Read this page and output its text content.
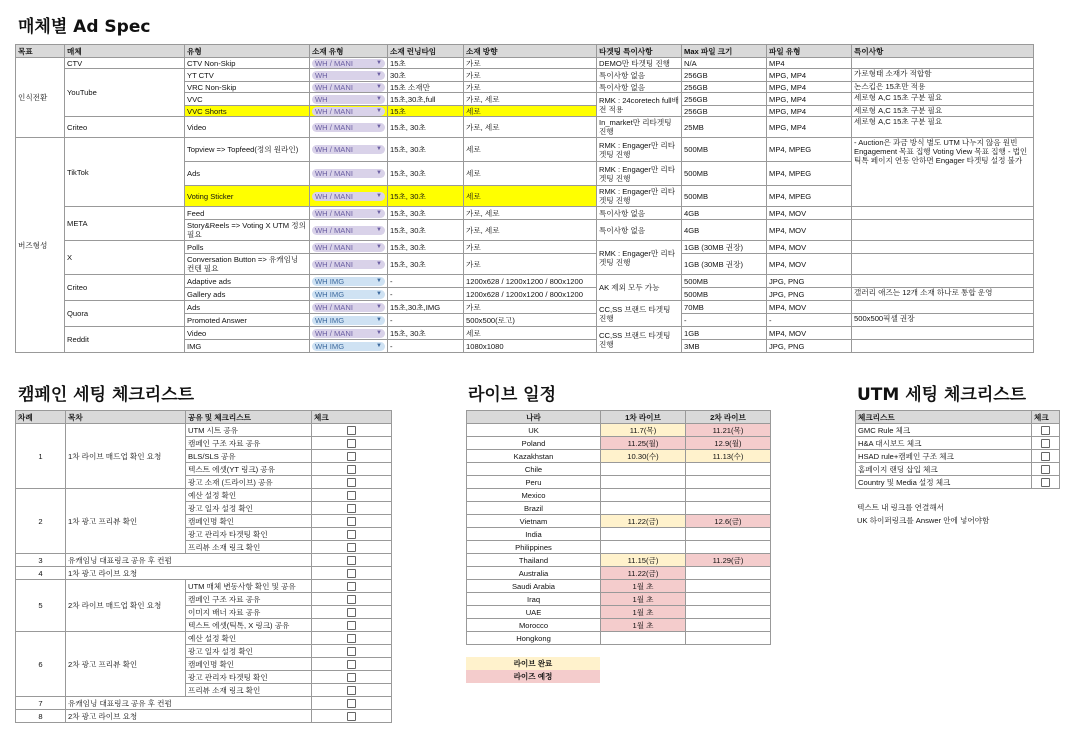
매체별 Ad Spec
목표	매체	유형	소재 유형	소재 런닝타임	소재 방향	타겟팅 특이사항	Max 파일 크기	파일 유형	특이사항
인식전환	CTV	CTV Non-Skip	WH / MANI ▼	15초	가로	DEMO만 타겟팅 진행	N/A	MP4	
	YouTube	YT CTV	WH ▼	30초	가로	특이사항 없음	256GB	MPG, MP4	가로형태 소재가 적합함
		VRC Non-Skip	WH / MANI ▼	15초 소재만	가로	특이사항 없음	256GB	MPG, MP4	논스킵은 15초만 적용
		VVC	WH ▼	15초,30초,full	가로, 세로	RMK : 24coretech full배전 적용	256GB	MPG, MP4	세로형 A,C 15초 구분 필요
		VVC Shorts	WH / MANI ▼	15초	세로		256GB	MPG, MP4	세로형 A,C 15초 구분 필요
	Criteo	Video	WH / MANI ▼	15초, 30초	가로, 세로	In_market만 리타겟팅 진행	25MB	MPG, MP4	세로형 A,C 15초 구분 필요
버즈형성	TikTok	Topview => Topfeed(정의 원라인)	WH / MANI ▼	15초, 30초	세로	RMK : Engager만 리타겟팅 진행	500MB	MP4, MPEG	- Auction은 과금 방식 별도 UTM 나누지 않음 원빈 Engagement 목표 집행 Voting View 목표 집행 - 법인 틱톡 페이지 연동 안하면 Engager 타겟팅 설정 불가
		Ads	WH / MANI ▼	15초, 30초	세로	RMK : Engager만 리타겟팅 진행	500MB	MP4, MPEG	
		Voting Sticker	WH / MANI ▼	15초, 30초	세로	RMK : Engager만 리타겟팅 진행	500MB	MP4, MPEG	
	META	Feed	WH / MANI ▼	15초, 30초	가로, 세로	특이사항 없음	4GB	MP4, MOV	
		Story&Reels => Voting X UTM 정의 필요	WH / MANI ▼	15초, 30초	가로, 세로	특이사항 없음	4GB	MP4, MOV	
	X	Polls	WH / MANI ▼	15초, 30초	가로	RMK : Engager만 리타겟팅 진행	1GB (30MB 권장)	MP4, MOV	
		Conversation Button => 유캐임닝 컨텐 필요	WH / MANI ▼	15초, 30초	가로		1GB (30MB 권장)	MP4, MOV	
	Criteo	Adaptive ads	WH IMG ▼	-	1200x628 / 1200x1200 / 800x1200	AK 제외 모두 가능	500MB	JPG, PNG	
		Gallery ads	WH IMG ▼	-	1200x628 / 1200x1200 / 800x1200		500MB	JPG, PNG	갤러리 애즈는 12개 소재 하나로 통합 운영
	Quora	Ads	WH / MANI ▼	15초,30초,IMG	가로	CC,SS 브랜드 타겟팅 진행	70MB	MP4, MOV	
		Promoted Answer	WH IMG ▼	-	500x500(로고)		-	-	500x500픽셀 권장
	Reddit	Video	WH / MANI ▼	15초, 30초	세로	CC,SS 브랜드 타겟팅 진행	1GB	MP4, MOV	
		IMG	WH IMG ▼	-	1080x1080		3MB	JPG, PNG	
캠페인 세팅 체크리스트
차례	목차	공유 및 체크리스트	체크
1	1차 라이브 매드업 확인 요청	UTM 시트 공유	

		캠페인 구조 자료 공유	

		BLS/SLS 공유	

		텍스트 에셋(YT 링크) 공유	

		광고 소재 (드라이브) 공유	

2	1차 광고 프리뷰 확인	예산 설정 확인	

		광고 일자 설정 확인	

		캠페인명 확인	

		광고 관리자 타겟팅 확인	

		프리뷰 소재 링크 확인	

3	유캐임닝 대표링크 공유 후 컨펌		

4	1차 광고 라이브 요청		

5	2차 라이브 매드업 확인 요청	UTM 매체 변동사항 확인 및 공유	

		캠페인 구조 자료 공유	

		이미지 배너 자료 공유	

		텍스트 에셋(틱톡, X 링크) 공유	

6	2차 광고 프리뷰 확인	예산 설정 확인	

		광고 일자 설정 확인	

		캠페인명 확인	

		광고 관리자 타겟팅 확인	

		프리뷰 소재 링크 확인	

7	유캐임닝 대표링크 공유 후 컨펌		

8	2차 광고 라이브 요청		
라이브 일정
나라	1차 라이브	2차 라이브
UK	11.7(목)	11.21(목)
Poland	11.25(월)	12.9(월)
Kazakhstan	10.30(수)	11.13(수)
Chile		
Peru		
Mexico		
Brazil		
Vietnam	11.22(금)	12.6(금)
India		
Philippines		
Thailand	11.15(금)	11.29(금)
Australia	11.22(금)	
Saudi Arabia	1월 초	
Iraq	1월 초	
UAE	1월 초	
Morocco	1월 초	
Hongkong		
라이브 완료
라이즈 예정
UTM 세팅 체크리스트
체크리스트	체크
GMC Rule 체크	

H&A 대시보드 체크	

HSAD rule+캠페인 구조 체크	

홈페이지 랜딩 삽입 체크	

Country 및 Media 설정 체크	
텍스트 내 링크를 연결해서
UK 하이퍼링크를 Answer 안에 넣어야함
